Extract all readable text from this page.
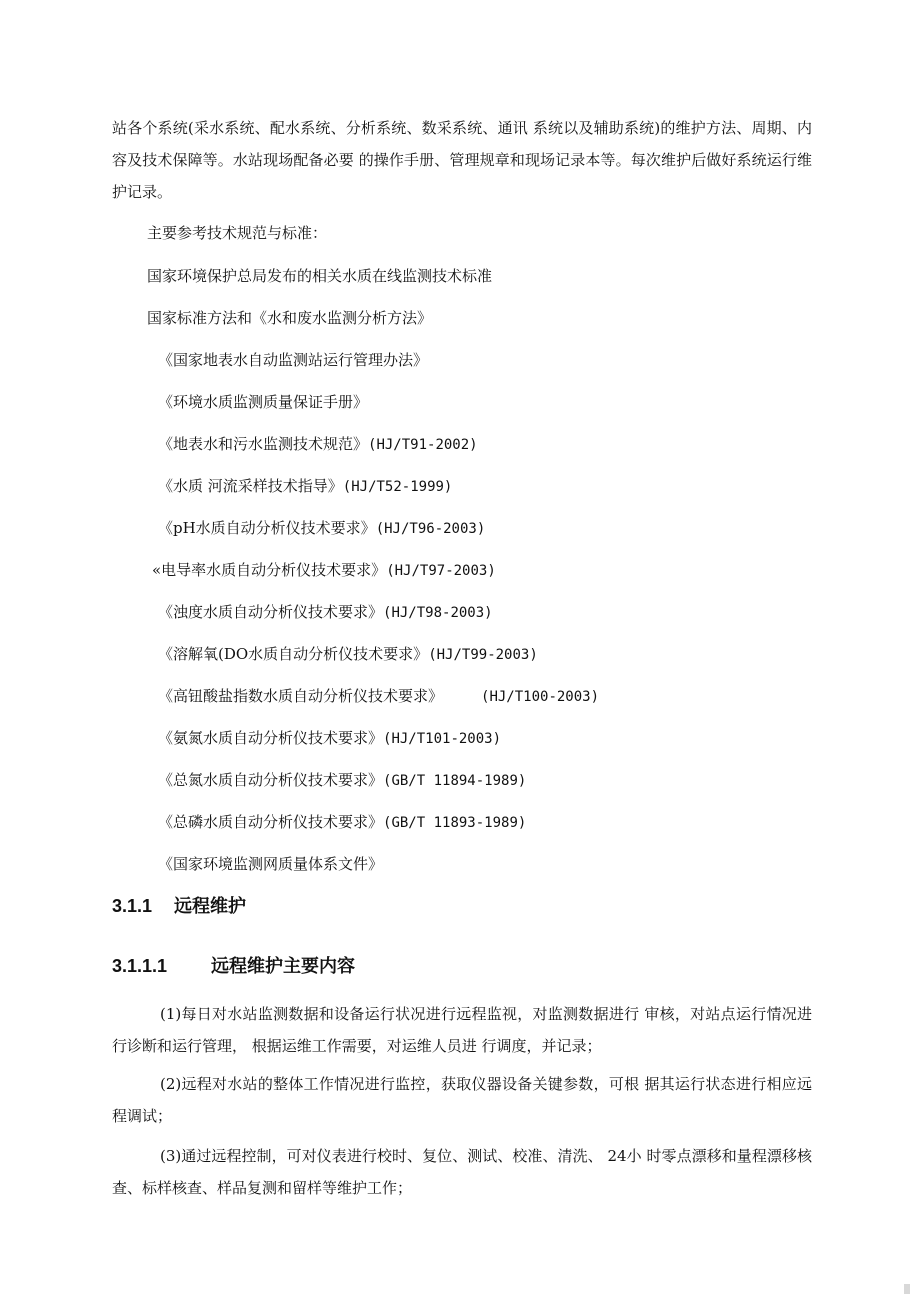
站各个系统(采水系统、配水系统、分析系统、数采系统、通讯 系统以及辅助系统)的维护方法、周期、内容及技术保障等。水站现场配备必要 的操作手册、管理规章和现场记录本等。每次维护后做好系统运行维护记录。

主要参考技术规范与标准：

国家环境保护总局发布的相关水质在线监测技术标准

国家标准方法和《水和废水监测分析方法》

《国家地表水自动监测站运行管理办法》

《环境水质监测质量保证手册》

《地表水和污水监测技术规范》(HJ/T91-2002)

《水质 河流采样技术指导》(HJ/T52-1999)

《pH水质自动分析仪技术要求》(HJ/T96-2003)

«电导率水质自动分析仪技术要求》(HJ/T97-2003)

《浊度水质自动分析仪技术要求》(HJ/T98-2003)

《溶解氧(DO水质自动分析仪技术要求》(HJ/T99-2003)

《高钮酸盐指数水质自动分析仪技术要求》	(HJ/T100-2003)

《氨氮水质自动分析仪技术要求》(HJ/T101-2003)

《总氮水质自动分析仪技术要求》(GB/T 11894-1989)

《总磷水质自动分析仪技术要求》(GB/T 11893-1989)

《国家环境监测网质量体系文件》

3.1.1 远程维护
3.1.1.1 远程维护主要内容

(1)每日对水站监测数据和设备运行状况进行远程监视，对监测数据进行 审核，对站点运行情况进行诊断和运行管理， 根据运维工作需要，对运维人员进 行调度，并记录；

(2)远程对水站的整体工作情况进行监控，获取仪器设备关键参数，可根 据其运行状态进行相应远程调试；

(3)通过远程控制，可对仪表进行校时、复位、测试、校准、清洗、 24小 时零点漂移和量程漂移核查、标样核查、样品复测和留样等维护工作；
